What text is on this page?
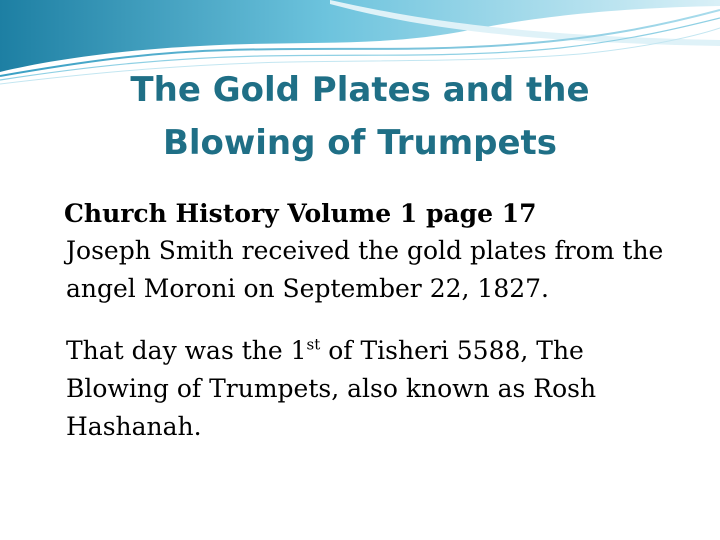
The Gold Plates and the
Blowing of Trumpets

Church History Volume 1 page 17

Joseph Smith received the gold plates from the angel Moroni on September 22, 1827.

That day was the 1st of Tisheri 5588, The Blowing of Trumpets, also known as Rosh Hashanah.
